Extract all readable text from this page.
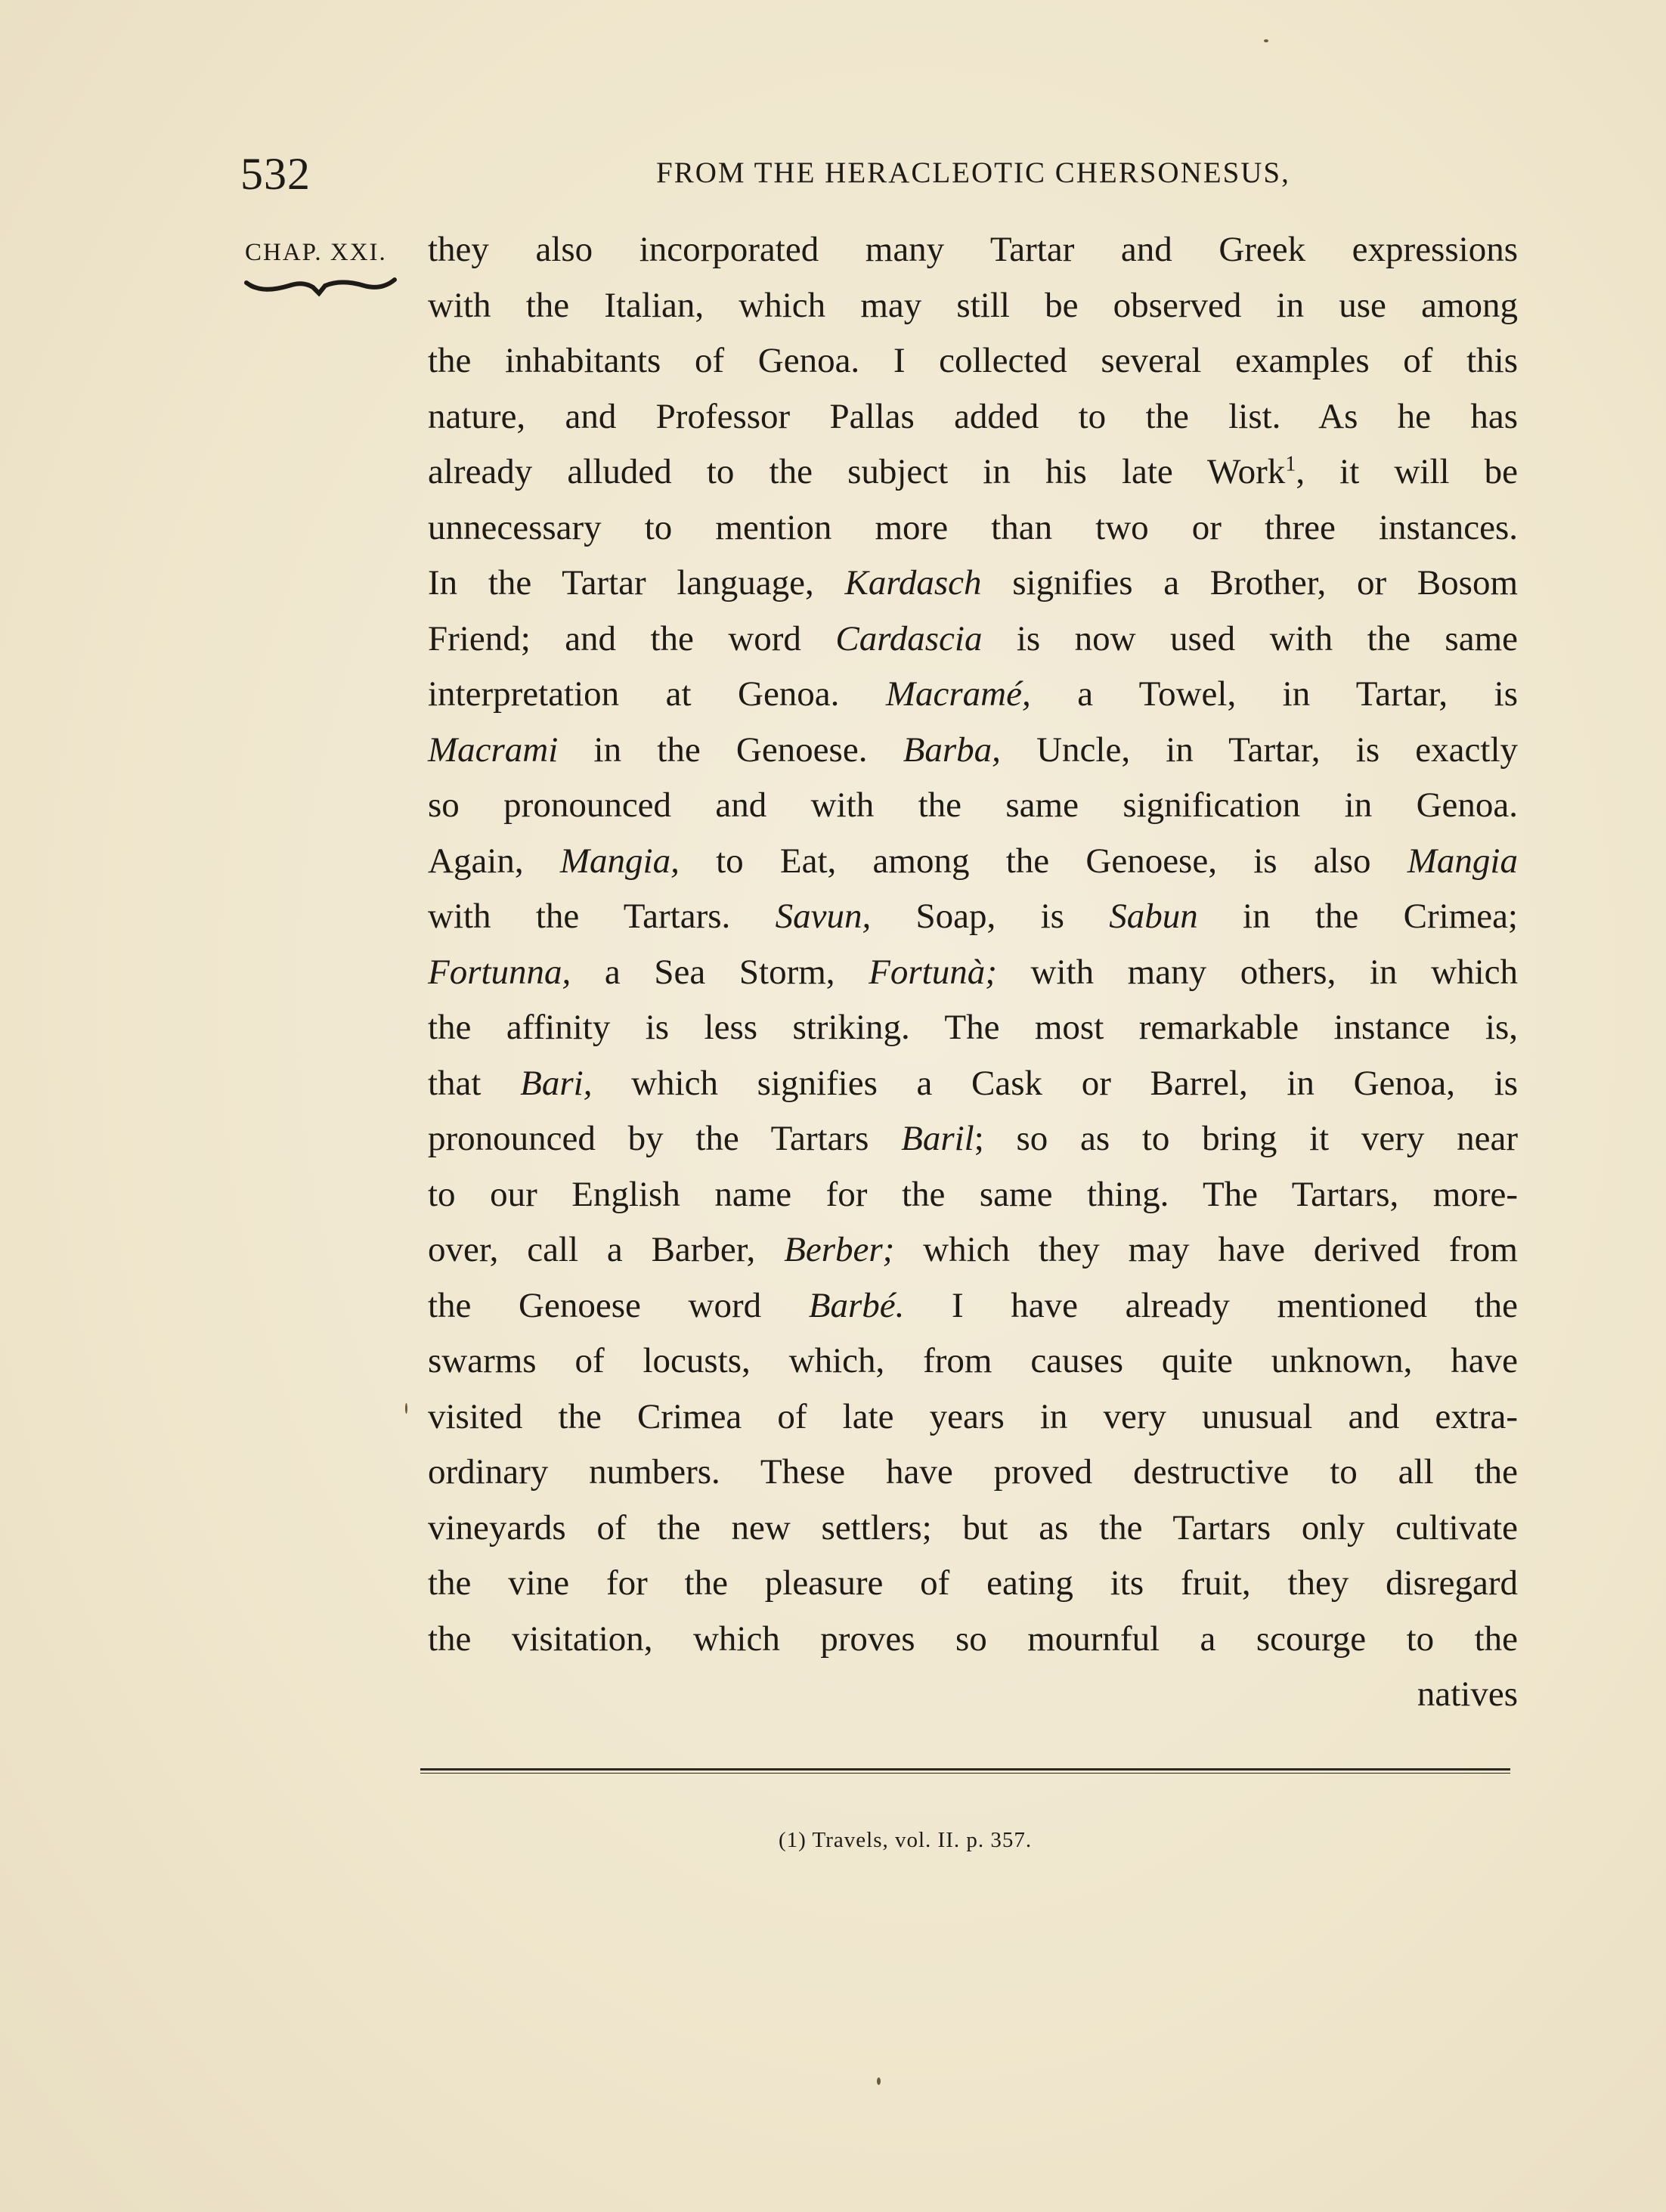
532	FROM THE HERACLEOTIC CHERSONESUS,
CHAP. XXI. they also incorporated many Tartar and Greek expressions
with the Italian, which may still be observed in use among
the inhabitants of Genoa. I collected several examples of this
nature, and Professor Pallas added to the list. As he has
already alluded to the subject in his late Work$^1$, it will be
unnecessary to mention more than two or three instances.
In the Tartar language, Kardasch signifies a Brother, or Bosom
Friend; and the word Cardascia is now used with the same
interpretation at Genoa. Macramé, a Towel, in Tartar, is
Macrami in the Genoese. Barba, Uncle, in Tartar, is exactly
so pronounced and with the same signification in Genoa.
Again, Mangia, to Eat, among the Genoese, is also Mangia
with the Tartars. Savun, Soap, is Sabun in the Crimea;
Fortunna, a Sea Storm, Fortunà; with many others, in which
the affinity is less striking. The most remarkable instance is,
that Bari, which signifies a Cask or Barrel, in Genoa, is
pronounced by the Tartars Baril; so as to bring it very near
to our English name for the same thing. The Tartars, more-
over, call a Barber, Berber; which they may have derived from
the Genoese word Barbé. I have already mentioned the
swarms of locusts, which, from causes quite unknown, have
visited the Crimea of late years in very unusual and extra-
ordinary numbers. These have proved destructive to all the
vineyards of the new settlers; but as the Tartars only cultivate
the vine for the pleasure of eating its fruit, they disregard
the visitation, which proves so mournful a scourge to the
natives
(1) Travels, vol. II. p. 357.
